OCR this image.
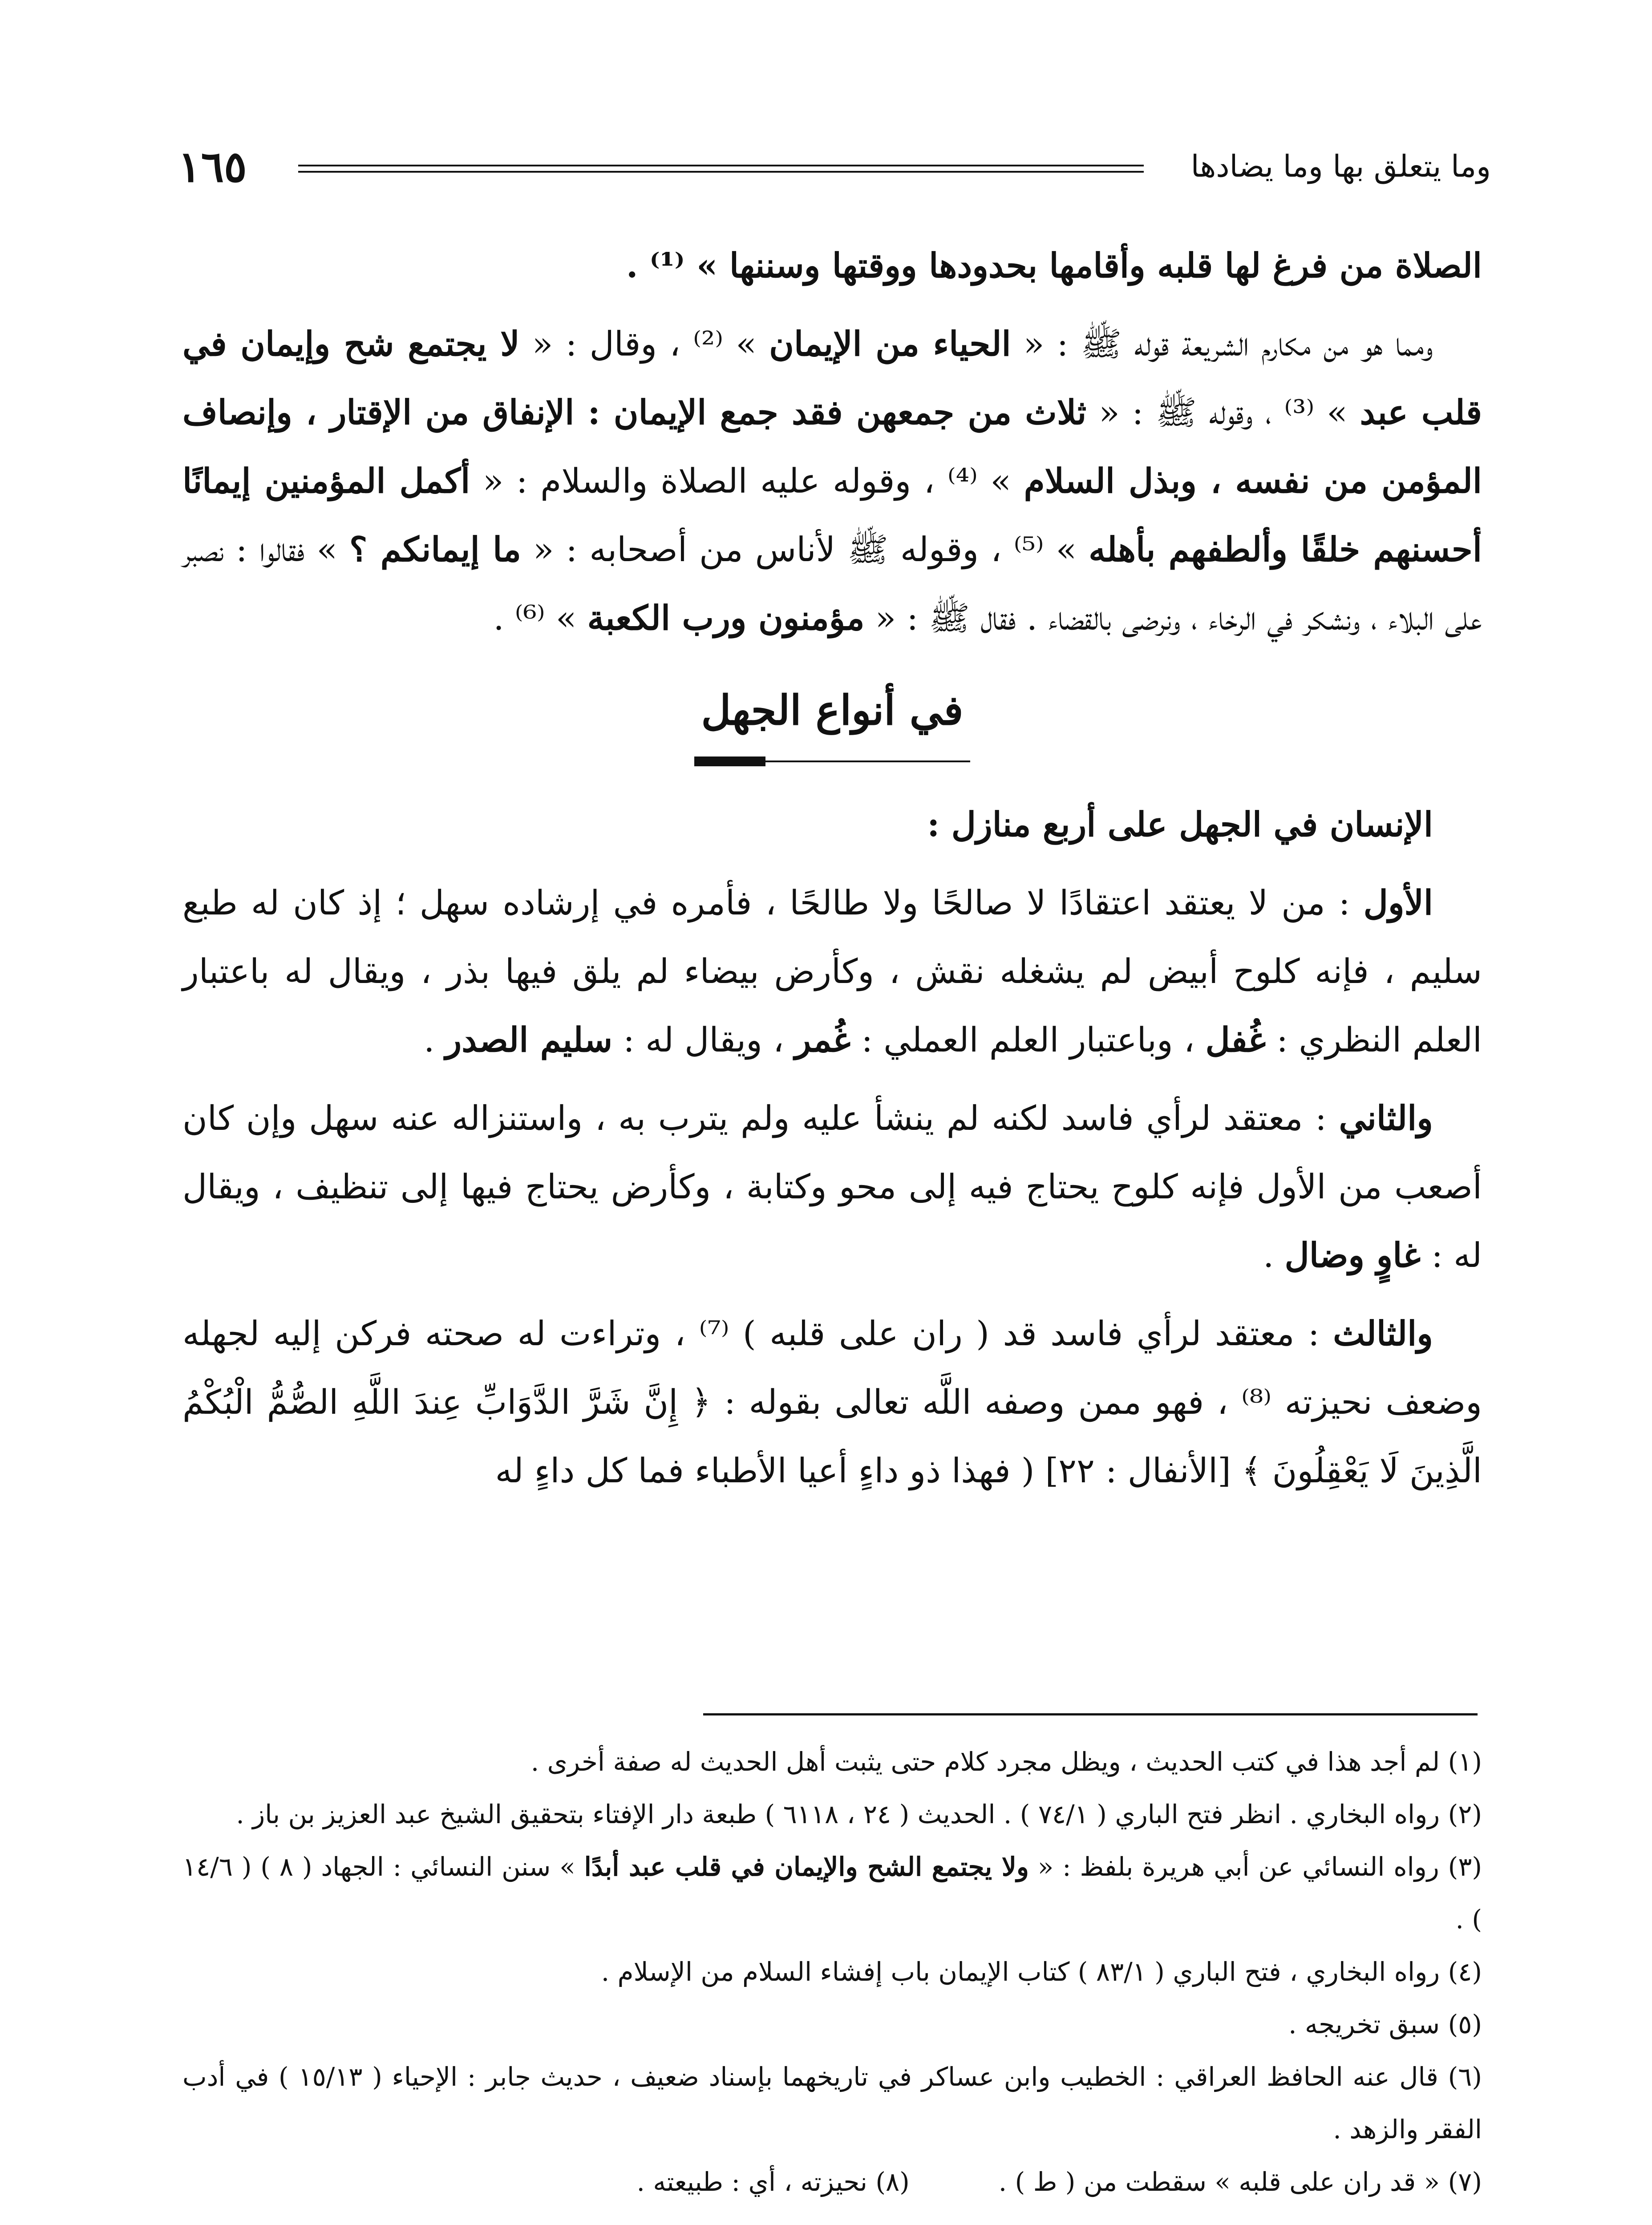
١٦٥	وما يتعلق بها وما يضادها

الصلاة من فرغ لها قلبه وأقامها بحدودها ووقتها وسننها » ⁽¹⁾ .

ومما هو من مكارم الشريعة قوله ﷺ : « الحياء من الإيمان » ⁽²⁾ ، وقال : « لا يجتمع شح وإيمان في قلب عبد » ⁽³⁾ ، وقوله ﷺ : « ثلاث من جمعهن فقد جمع الإيمان : الإنفاق من الإقتار ، وإنصاف المؤمن من نفسه ، وبذل السلام » ⁽⁴⁾ ، وقوله عليه الصلاة والسلام : « أكمل المؤمنين إيمانًا أحسنهم خلقًا وألطفهم بأهله » ⁽⁵⁾ ، وقوله ﷺ لأناس من أصحابه : « ما إيمانكم ؟ » فقالوا : نصبر على البلاء ، ونشكر في الرخاء ، ونرضى بالقضاء . فقال ﷺ : « مؤمنون ورب الكعبة » ⁽⁶⁾ .

في أنواع الجهل

الإنسان في الجهل على أربع منازل :

الأول : من لا يعتقد اعتقادًا لا صالحًا ولا طالحًا ، فأمره في إرشاده سهل ؛ إذ كان له طبع سليم ، فإنه كلوح أبيض لم يشغله نقش ، وكأرض بيضاء لم يلق فيها بذر ، ويقال له باعتبار العلم النظري : غُفل ، وباعتبار العلم العملي : غُمر ، ويقال له : سليم الصدر .

والثاني : معتقد لرأي فاسد لكنه لم ينشأ عليه ولم يترب به ، واستنزاله عنه سهل وإن كان أصعب من الأول فإنه كلوح يحتاج فيه إلى محو وكتابة ، وكأرض يحتاج فيها إلى تنظيف ، ويقال له : غاوٍ وضال .

والثالث : معتقد لرأي فاسد قد ( ران على قلبه ) ⁽⁷⁾ ، وتراءت له صحته فركن إليه لجهله وضعف نحيزته ⁽⁸⁾ ، فهو ممن وصفه اللَّه تعالى بقوله : ﴿ إِنَّ شَرَّ الدَّوَابِّ عِندَ اللَّهِ الصُّمُّ الْبُكْمُ الَّذِينَ لَا يَعْقِلُونَ ﴾ [الأنفال : ٢٢] ( فهذا ذو داءٍ أعيا الأطباء فما كل داءٍ له

(١) لم أجد هذا في كتب الحديث ، ويظل مجرد كلام حتى يثبت أهل الحديث له صفة أخرى .

(٢) رواه البخاري . انظر فتح الباري ( ٧٤/١ ) . الحديث ( ٢٤ ، ٦١١٨ ) طبعة دار الإفتاء بتحقيق الشيخ عبد العزيز بن باز .

(٣) رواه النسائي عن أبي هريرة بلفظ : « ولا يجتمع الشح والإيمان في قلب عبد أبدًا » سنن النسائي : الجهاد ( ٨ ) ( ١٤/٦ ) .

(٤) رواه البخاري ، فتح الباري ( ٨٣/١ ) كتاب الإيمان باب إفشاء السلام من الإسلام .

(٥) سبق تخريجه .

(٦) قال عنه الحافظ العراقي : الخطيب وابن عساكر في تاريخهما بإسناد ضعيف ، حديث جابر : الإحياء ( ١٥/١٣ ) في أدب الفقر والزهد .

(٧) « قد ران على قلبه » سقطت من ( ط ) .

(٨) نحيزته ، أي : طبيعته .
